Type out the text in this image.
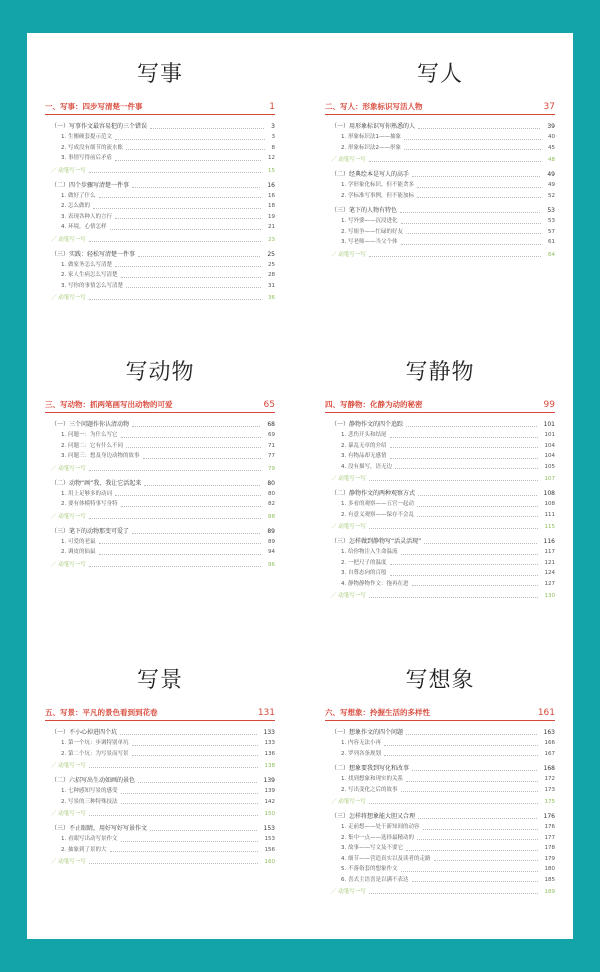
写事
一、写事：四步写清楚一件事	1
（一）写事作文最容易犯的三个错误	3
1. 生搬硬套提示范文	3
2. 写成没有细节的流水账	8
3. 事情写得前后矛盾	12
／ 动笔写一写	15
（二）四个步骤写清楚一件事	16
1. 做好了什么	16
2. 怎么做的	18
3. 表现各种人的言行	19
4. 环境，心情怎样	21
／ 动笔写一写	23
（三）实践：轻松写清楚一件事	25
1. 做家务怎么写清楚	25
2. 家人生病怎么写清楚	28
3. 写你的事情怎么写清楚	31
／ 动笔写一写	36
写人
二、写人：形象标识写活人物	37
（一）用形象标识写你熟悉的人	39
1. 形象标识法1——抽象	40
2. 形象标识法2——形象	45
／ 动笔写一写	48
（二）经典绘本是写人的高手	49
1. 学形象化标识，但不能贪多	49
2. 学标准写事例，但不能加标	52
（三）笔下的人物有特色	53
1. 写外婆——沉浸进化	53
2. 写姐争——忙碌的好友	57
3. 写老师——当父个体	61
／ 动笔写一写	64
写动物
三、写动物：抓两笔画写出动物的可爱	65
（一）三个问题作你认清动物	68
1. 问题一：为什么写它	69
2. 问题二：它有什么不同	71
3. 问题三：想及身边动物的故事	77
／ 动笔写一写	79
（二）动物“画”我，我让它活起来	80
1. 用上足够多的动词	80
2. 要有体模特事写身特	82
／ 动笔写一写	88
（三）笔下的动物那变可爱了	89
1. 可爱的老鼠	89
2. 调皮的仙鼠	94
／ 动笔写一写	96
写静物
四、写静物：化静为动的秘密	99
（一）静物作文的四个追踪	101
1. 悲伤开头和结尾	101
2. 暴乱无章的介绍	104
3. 有物品却无感情	104
4. 没有描写，语无边	105
／ 动笔写一写	107
（二）静物作文的两种观察方式	108
1. 多看的观察——五官一起动	108
2. 有意义观察——保存不会乱	111
／ 动笔写一写	115
（三）怎样做到静物写“活灵活现”	116
1. 给你物注入生命温流	117
2. 一把尺子的温度	121
3. 自尊态向的百般	124
4. 静物静物作文：拖再在进	127
／ 动笔写一写	130
写景
五、写景：平凡的景色看到到花卷	131
（一）不小心掉进四个坑	133
1. 第一个坑：步调特别单坑	133
2. 第二个坑：为写景而写景	136
／ 动笔写一写	138
（二）六招写出生动如画的景色	139
1. 七种感知写景的感受	139
2. 写景的三种特殊技法	142
／ 动笔写一写	150
（三）不止眼睛，用好写好写景作文	153
1. 看眼写出动写景作文	153
2. 抽象到了景的大	156
／ 动笔写一写	160
写想象
六、写想象：拎握生活的多样性	161
（一）想象作文的四个问题	163
1. 内容无法小再	166
2. 罗列各条规划	167
（二）想象要我到写化和改事	168
1. 找到想象和现实的关系	172
2. 写出变化之后的故事	173
／ 动笔写一写	175
（三）怎样将想象能大胆又合理	176
1. 走前想——处于新知间的动容	176
2. 集中一点——选择最精动的	177
3. 故事——写文及不要它	178
4. 细节——营造真实以及读者的走路	179
5. 不落俗套的想象作文	180
6. 喜式主语喜是以满不表达	185
／ 动笔写一写	189
